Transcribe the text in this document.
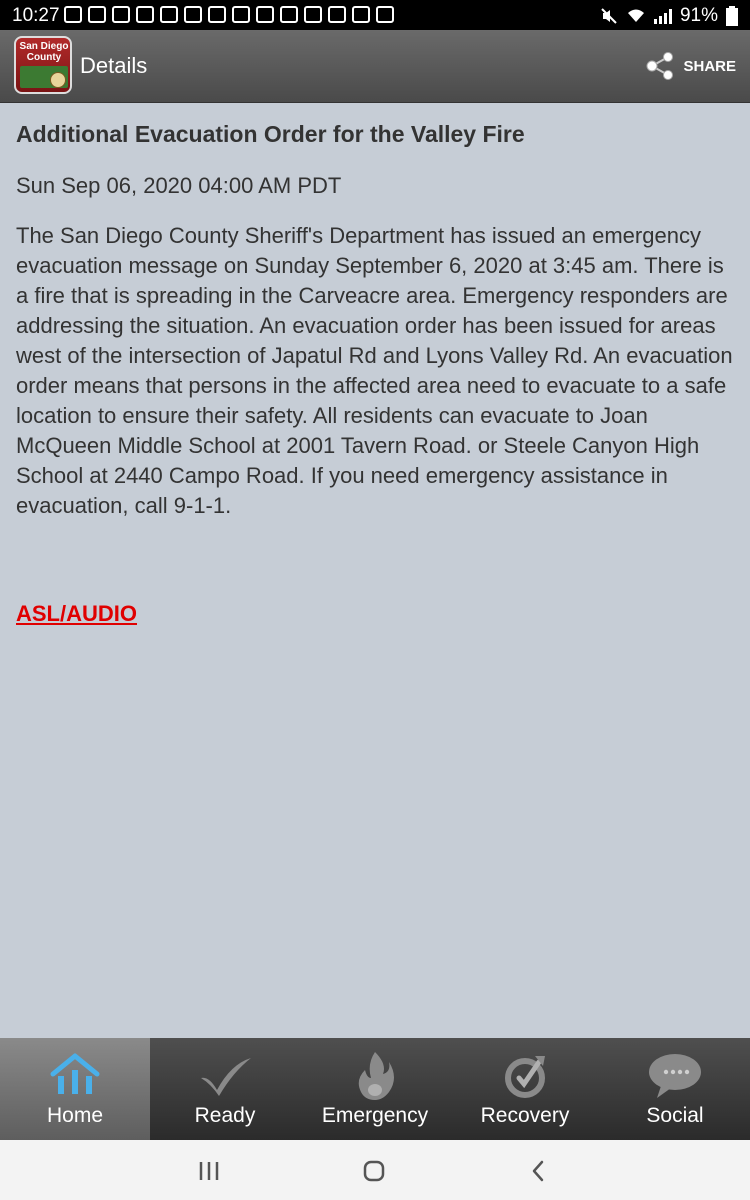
10:27	91%
San Diego County Details	SHARE
Additional Evacuation Order for the Valley Fire
Sun Sep 06, 2020 04:00 AM PDT
The San Diego County Sheriff's Department has issued an emergency evacuation message on Sunday September 6, 2020 at 3:45 am. There is a fire that is spreading in the Carveacre area. Emergency responders are addressing the situation. An evacuation order has been issued for areas west of the intersection of Japatul Rd and Lyons Valley Rd. An evacuation order means that persons in the affected area need to evacuate to a safe location to ensure their safety. All residents can evacuate to Joan McQueen Middle School at 2001 Tavern Road. or Steele Canyon High School at 2440 Campo Road. If you need emergency assistance in evacuation, call 9-1-1.
ASL/AUDIO
Home	Ready	Emergency	Recovery	Social
